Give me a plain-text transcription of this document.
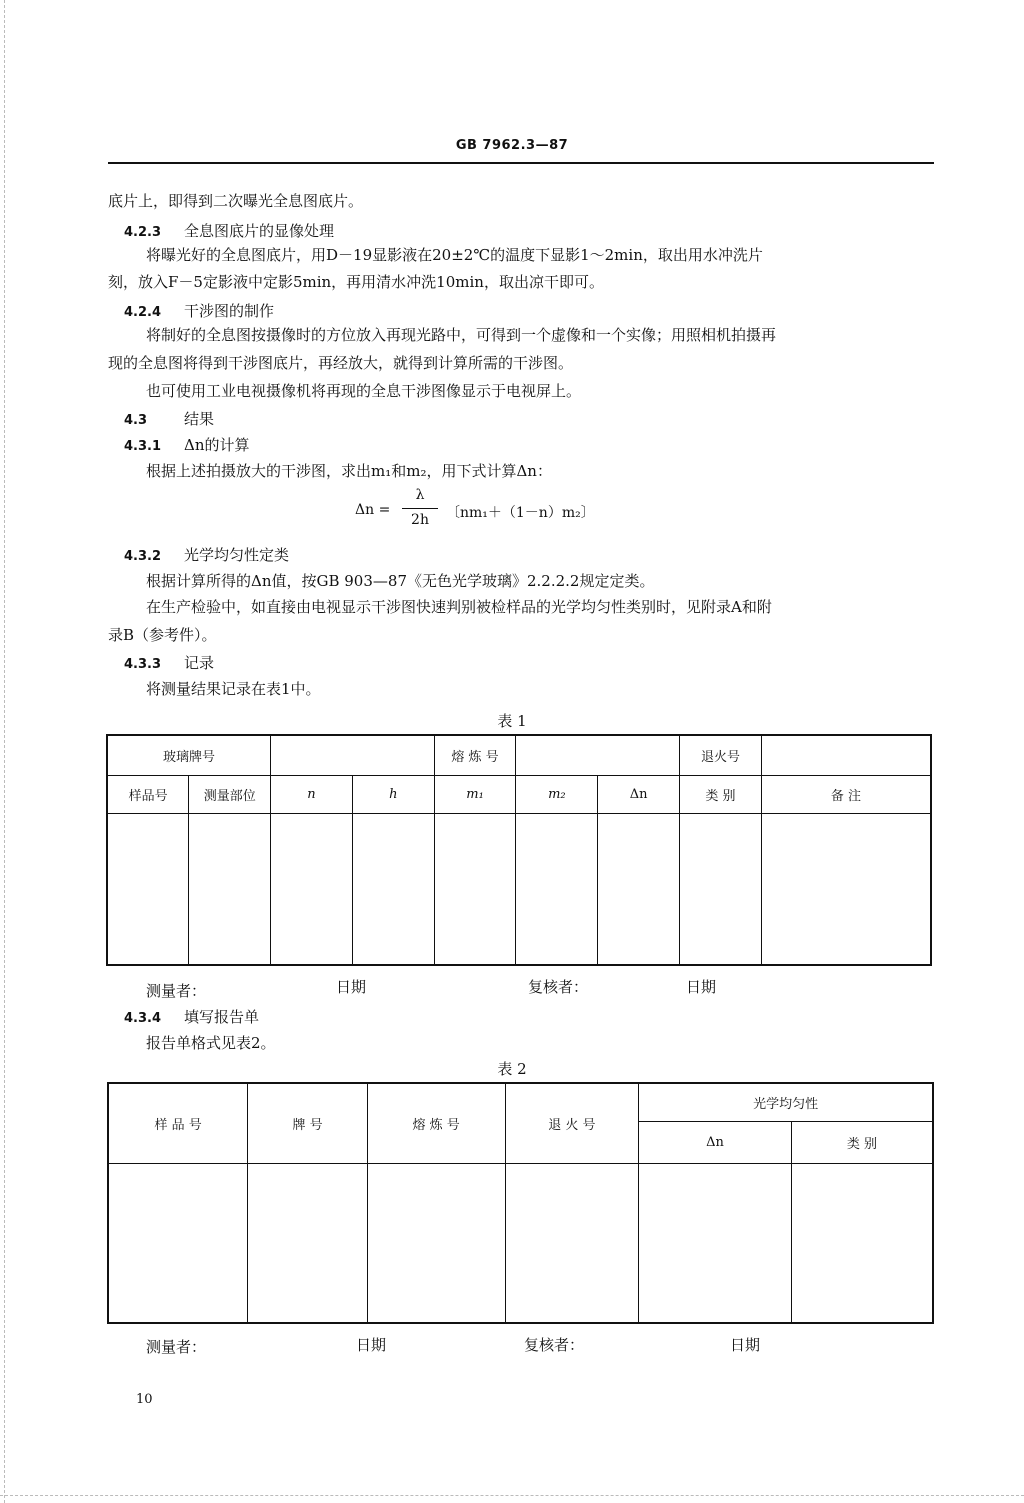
GB 7962.3—87
底片上，即得到二次曝光全息图底片。
4.2.3 全息图底片的显像处理
将曝光好的全息图底片，用D－19显影液在20±2℃的温度下显影1～2min，取出用水冲洗片
刻，放入F－5定影液中定影5min，再用清水冲洗10min，取出凉干即可。
4.2.4 干涉图的制作
将制好的全息图按摄像时的方位放入再现光路中，可得到一个虚像和一个实像；用照相机拍摄再
现的全息图将得到干涉图底片，再经放大，就得到计算所需的干涉图。
也可使用工业电视摄像机将再现的全息干涉图像显示于电视屏上。
4.3 结果
4.3.1 Δn的计算
根据上述拍摄放大的干涉图，求出m₁和m₂，用下式计算Δn：
Δn =
λ
2h	〔nm₁＋（1－n）m₂〕
4.3.2 光学均匀性定类
根据计算所得的Δn值，按GB 903—87《无色光学玻璃》2.2.2.2规定定类。
在生产检验中，如直接由电视显示干涉图快速判别被检样品的光学均匀性类别时，见附录A和附
录B（参考件）。
4.3.3 记录
将测量结果记录在表1中。
表 1
玻璃牌号				熔 炼 号			退火号	
样品号	测量部位	n	h	m₁	m₂	Δn	类 别	备 注

测量者：	日期	复核者：	日期
4.3.4 填写报告单
报告单格式见表2。
表 2
样 品 号	牌 号	熔 炼 号	退 火 号	光学均匀性	
				Δn	类 别

测量者：	日期	复核者：	日期
10
